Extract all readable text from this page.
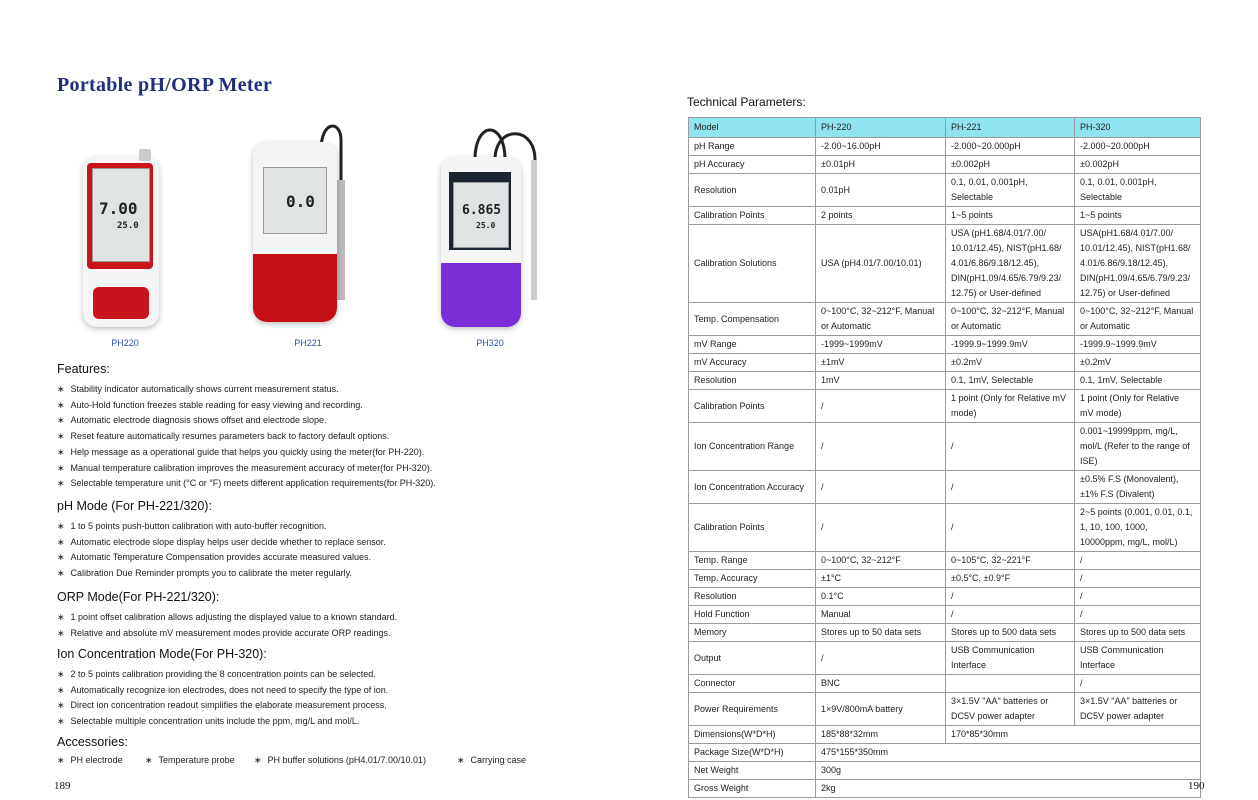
Portable pH/ORP Meter
7.00
25.0
PH220
0.0
PH221
6.865
25.0
PH320
Features:
∗ Stability indicator automatically shows current measurement status.
∗ Auto-Hold function freezes stable reading for easy viewing and recording.
∗ Automatic electrode diagnosis shows offset and electrode slope.
∗ Reset feature automatically resumes parameters back to factory default options.
∗ Help message as a operational guide that helps you quickly using the meter(for PH-220).
∗ Manual temperature calibration improves the measurement accuracy of meter(for PH-320).
∗ Selectable temperature unit (°C or °F) meets different application requirements(for PH-320).
pH Mode (For PH-221/320):
∗ 1 to 5 points push-button calibration with auto-buffer recognition.
∗ Automatic electrode slope display helps user decide whether to replace sensor.
∗ Automatic Temperature Compensation provides accurate measured values.
∗ Calibration Due Reminder prompts you to calibrate the meter regularly.
ORP Mode(For PH-221/320):
∗ 1 point offset calibration allows adjusting the displayed value to a known standard.
∗ Relative and absolute mV measurement modes provide accurate ORP readings.
Ion Concentration Mode(For PH-320):
∗ 2 to 5 points calibration providing the 8 concentration points can be selected.
∗ Automatically recognize ion electrodes, does not need to specify the type of ion.
∗ Direct ion concentration readout simplifies the elaborate measurement process.
∗ Selectable multiple concentration units include the ppm, mg/L and mol/L.
Accessories:
∗ PH electrode	∗ Temperature probe	∗ PH buffer solutions (pH4.01/7.00/10.01)	∗ Carrying case
189
Technical Parameters:
Model	PH-220	PH-221	PH-320
pH Range	-2.00~16.00pH	-2.000~20.000pH	-2.000~20.000pH
pH Accuracy	±0.01pH	±0.002pH	±0.002pH
Resolution	0.01pH	0.1, 0.01, 0.001pH, Selectable	0.1, 0.01, 0.001pH, Selectable
Calibration Points	2 points	1~5 points	1~5 points
Calibration Solutions	USA (pH4.01/7.00/10.01)	USA (pH1.68/4.01/7.00/ 10.01/12.45), NIST(pH1.68/ 4.01/6.86/9.18/12.45), DIN(pH1.09/4.65/6.79/9.23/ 12.75) or User-defined	USA(pH1.68/4.01/7.00/ 10.01/12.45), NIST(pH1.68/ 4.01/6.86/9.18/12.45), DIN(pH1.09/4.65/6.79/9.23/ 12.75) or User-defined
Temp. Compensation	0~100°C, 32~212°F, Manual or Automatic	0~100°C, 32~212°F, Manual or Automatic	0~100°C, 32~212°F, Manual or Automatic
mV Range	-1999~1999mV	-1999.9~1999.9mV	-1999.9~1999.9mV
mV Accuracy	±1mV	±0.2mV	±0.2mV
Resolution	1mV	0.1, 1mV, Selectable	0.1, 1mV, Selectable
Calibration Points	/	1 point (Only for Relative mV mode)	1 point (Only for Relative mV mode)
Ion Concentration Range	/	/	0.001~19999ppm, mg/L, mol/L (Refer to the range of ISE)
Ion Concentration Accuracy	/	/	±0.5% F.S (Monovalent), ±1% F.S (Divalent)
Calibration Points	/	/	2~5 points (0.001, 0.01, 0.1, 1, 10, 100, 1000, 10000ppm, mg/L, mol/L)
Temp. Range	0~100°C, 32~212°F	0~105°C, 32~221°F	/
Temp. Accuracy	±1°C	±0.5°C, ±0.9°F	/
Resolution	0.1°C	/	/
Hold Function	Manual	/	/
Memory	Stores up to 50 data sets	Stores up to 500 data sets	Stores up to 500 data sets
Output	/	USB Communication Interface	USB Communication Interface
Connector	BNC		/
Power Requirements	1×9V/800mA battery	3×1.5V "AA" batteries or DC5V power adapter	3×1.5V "AA" batteries or DC5V power adapter
Dimensions(W*D*H)	185*88*32mm	170*85*30mm	
Package Size(W*D*H)	475*155*350mm		
Net Weight	300g		
Gross Weight	2kg			190
